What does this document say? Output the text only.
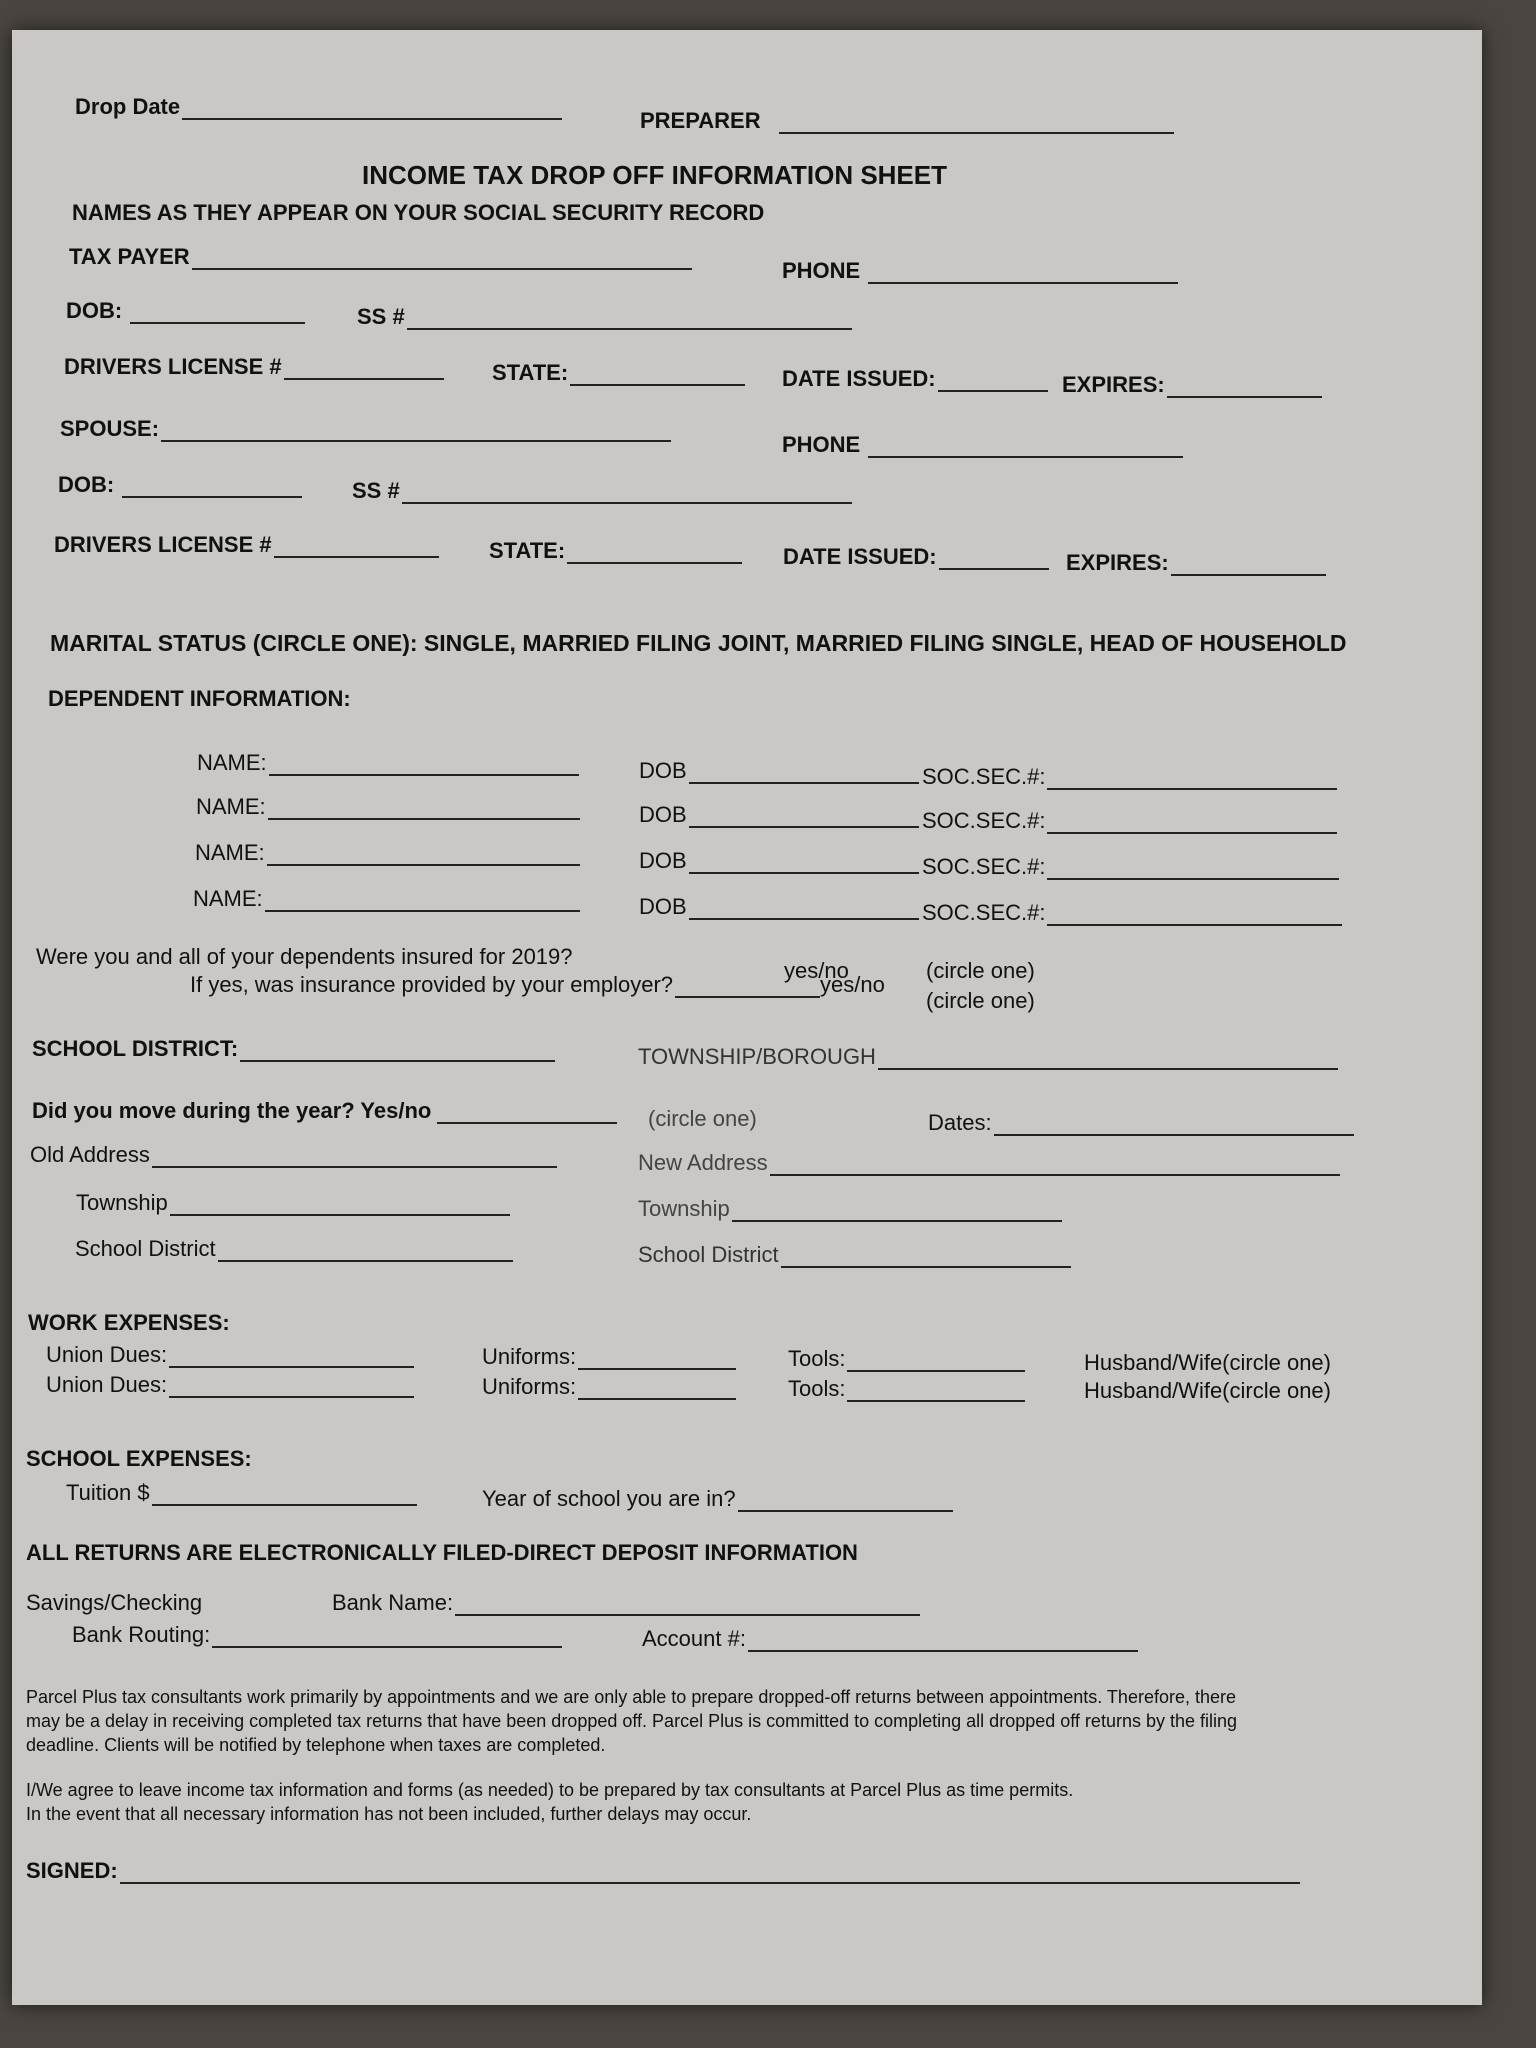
Drop Date
PREPARER
INCOME TAX DROP OFF INFORMATION SHEET
NAMES AS THEY APPEAR ON YOUR SOCIAL SECURITY RECORD
TAX PAYER
PHONE
DOB:	SS #
DRIVERS LICENSE #	STATE:	DATE ISSUED:	EXPIRES:
SPOUSE:
PHONE
DOB:	SS #
DRIVERS LICENSE #	STATE:	DATE ISSUED:	EXPIRES:
MARITAL STATUS (CIRCLE ONE): SINGLE, MARRIED FILING JOINT, MARRIED FILING SINGLE, HEAD OF HOUSEHOLD
DEPENDENT INFORMATION:
NAME:	DOB	SOC.SEC.#:
NAME:	DOB	SOC.SEC.#:
NAME:	DOB	SOC.SEC.#:
NAME:	DOB	SOC.SEC.#:
Were you and all of your dependents insured for 2019?
yes/no	(circle one)
If yes, was insurance provided by your employer?	yes/no
(circle one)
SCHOOL DISTRICT:	TOWNSHIP/BOROUGH
Did you move during the year? Yes/no	(circle one)	Dates:
Old Address	New Address
Township	Township
School District	School District
WORK EXPENSES:
Union Dues:	Uniforms:	Tools:	Husband/Wife(circle one)
Union Dues:	Uniforms:	Tools:	Husband/Wife(circle one)
SCHOOL EXPENSES:
Tuition $	Year of school you are in?
ALL RETURNS ARE ELECTRONICALLY FILED-DIRECT DEPOSIT INFORMATION
Savings/Checking	Bank Name:
Bank Routing:	Account #:
Parcel Plus tax consultants work primarily by appointments and we are only able to prepare dropped-off returns between appointments. Therefore, there may be a delay in receiving completed tax returns that have been dropped off. Parcel Plus is committed to completing all dropped off returns by the filing deadline. Clients will be notified by telephone when taxes are completed.
I/We agree to leave income tax information and forms (as needed) to be prepared by tax consultants at Parcel Plus as time permits. In the event that all necessary information has not been included, further delays may occur.
SIGNED:
